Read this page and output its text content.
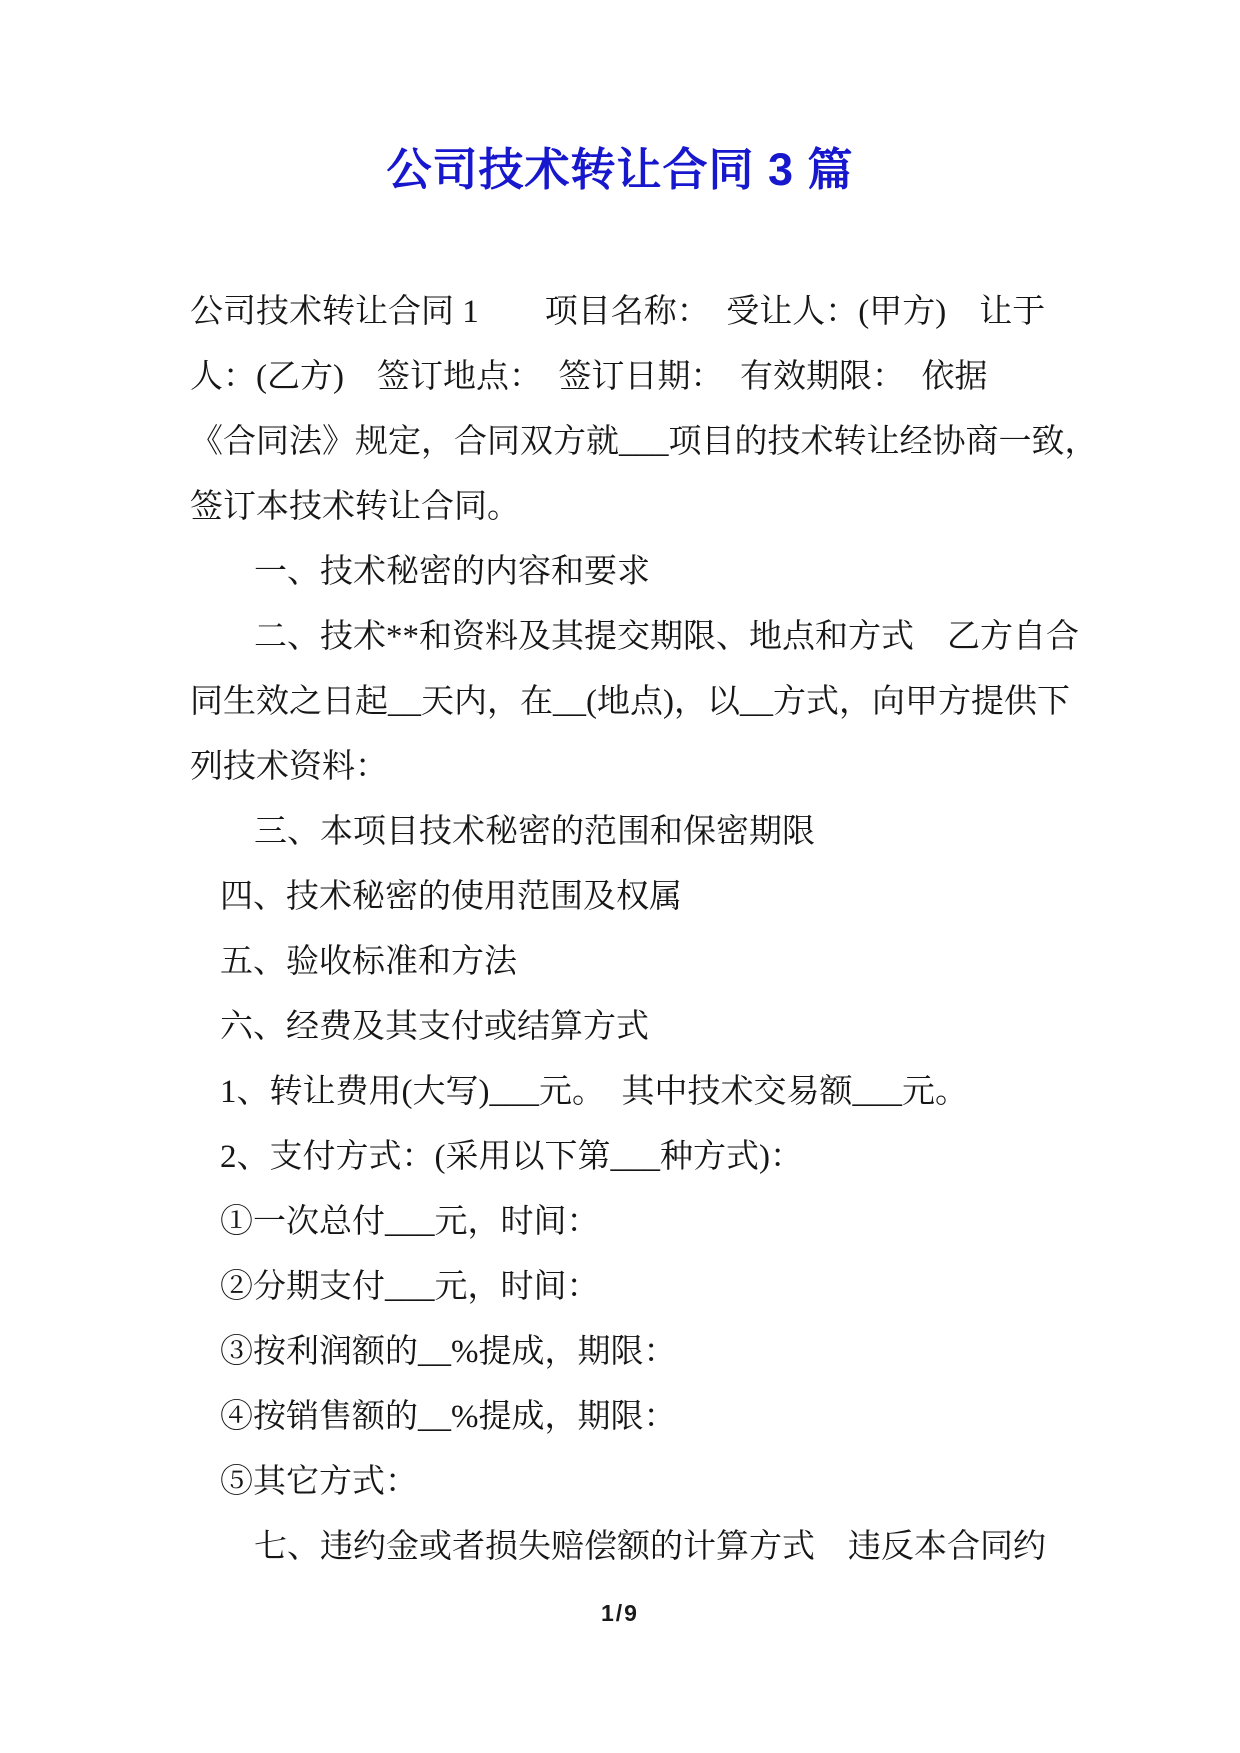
公司技术转让合同 3 篇
公司技术转让合同 1　　项目名称：　受让人：(甲方)　让于
人：(乙方)　签订地点：　签订日期：　有效期限：　依据
《合同法》规定，合同双方就___项目的技术转让经协商一致，
签订本技术转让合同。
一、技术秘密的内容和要求
二、技术**和资料及其提交期限、地点和方式　乙方自合
同生效之日起__天内，在__(地点)，以__方式，向甲方提供下
列技术资料：
三、本项目技术秘密的范围和保密期限
四、技术秘密的使用范围及权属
五、验收标准和方法
六、经费及其支付或结算方式
1、转让费用(大写)___元。　其中技术交易额___元。
2、支付方式：(采用以下第___种方式)：
①一次总付___元，时间：
②分期支付___元，时间：
③按利润额的__%提成，期限：
④按销售额的__%提成，期限：
⑤其它方式：
七、违约金或者损失赔偿额的计算方式　违反本合同约
1/9
